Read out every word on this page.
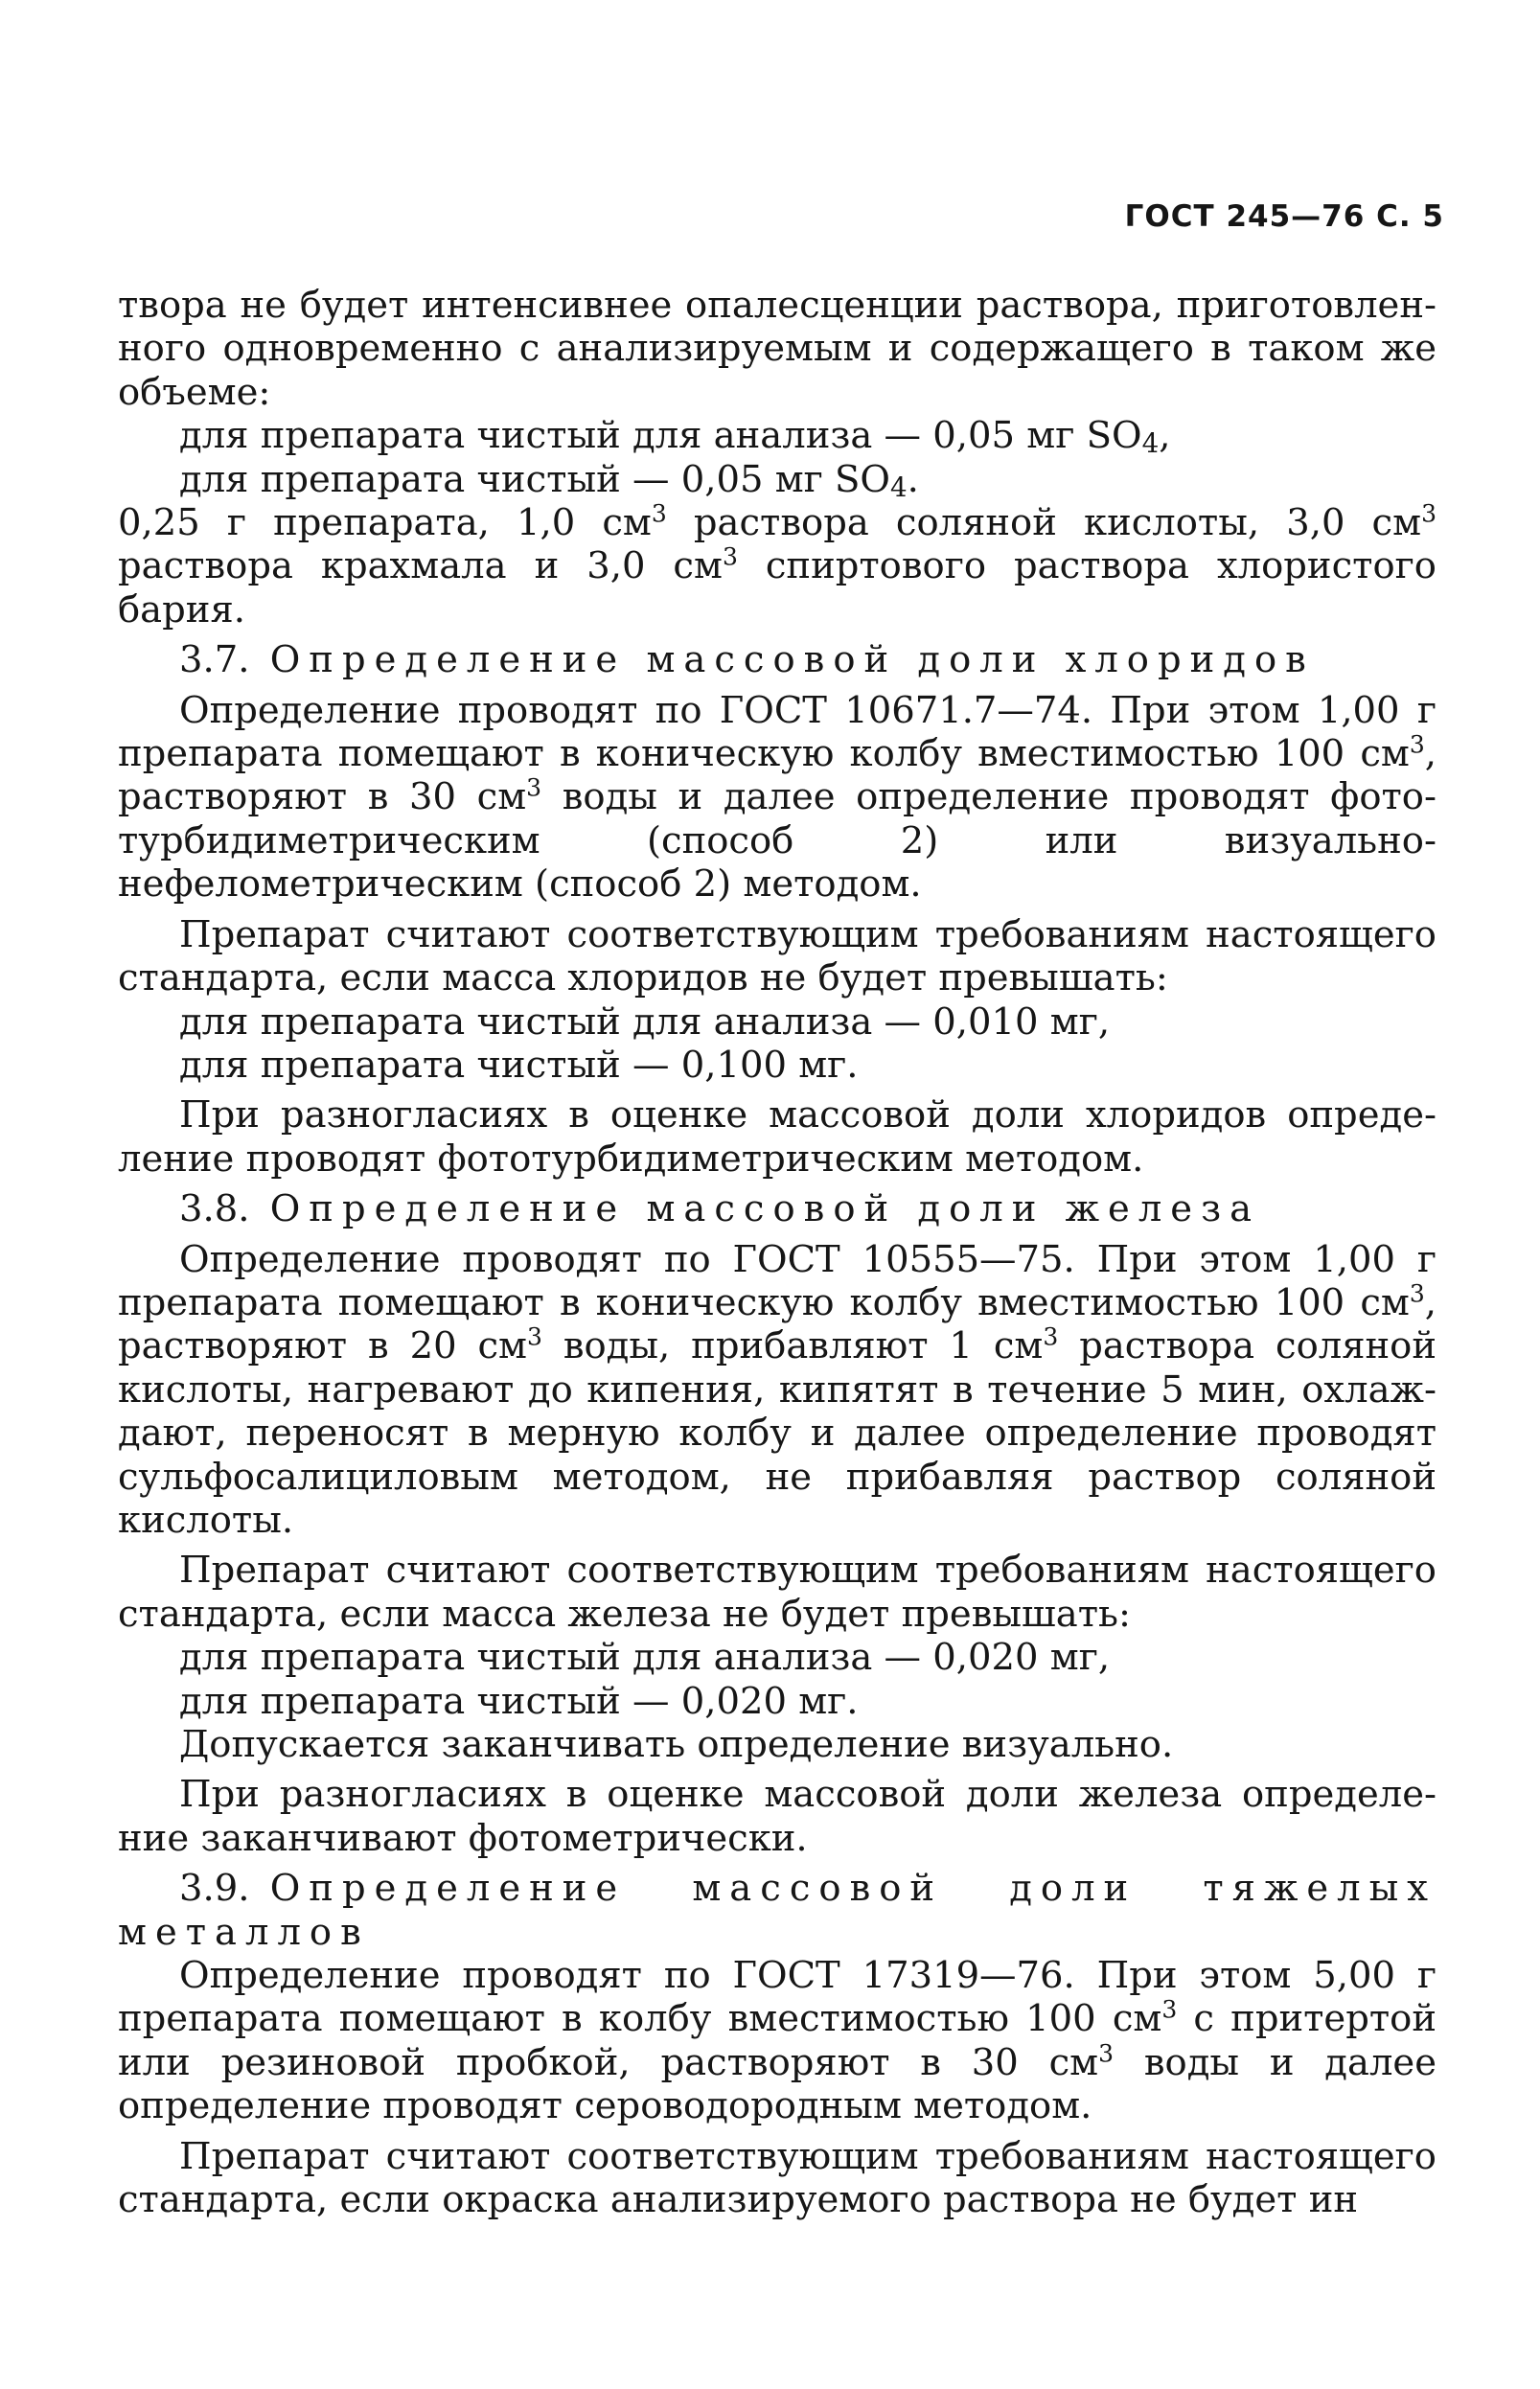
ГОСТ 245—76 С. 5

твора не будет интенсивнее опалесценции раствора, приготовленного одновременно с анализируемым и содержащего в таком же объеме:

для препарата чистый для анализа — 0,05 мг $SO_4$,
для препарата чистый — 0,05 мг $SO_4$.

0,25 г препарата, 1,0 $см^3$ раствора соляной кислоты, 3,0 $см^3$ раствора крахмала и 3,0 $см^3$ спиртового раствора хлористого бария.

3.7. Определение массовой доли хлоридов

Определение проводят по ГОСТ 10671.7—74. При этом 1,00 г препарата помещают в коническую колбу вместимостью 100 $см^3$, растворяют в 30 $см^3$ воды и далее определение проводят фототурбидиметрическим (способ 2) или визуально-нефелометрическим (способ 2) методом.

Препарат считают соответствующим требованиям настоящего стандарта, если масса хлоридов не будет превышать:

для препарата чистый для анализа — 0,010 мг,
для препарата чистый — 0,100 мг.

При разногласиях в оценке массовой доли хлоридов определение проводят фототурбидиметрическим методом.

3.8. Определение массовой доли железа

Определение проводят по ГОСТ 10555—75. При этом 1,00 г препарата помещают в коническую колбу вместимостью 100 $см^3$, растворяют в 20 $см^3$ воды, прибавляют 1 $см^3$ раствора соляной кислоты, нагревают до кипения, кипятят в течение 5 мин, охлаждают, переносят в мерную колбу и далее определение проводят сульфосалициловым методом, не прибавляя раствор соляной кислоты.

Препарат считают соответствующим требованиям настоящего стандарта, если масса железа не будет превышать:

для препарата чистый для анализа — 0,020 мг,
для препарата чистый — 0,020 мг.

Допускается заканчивать определение визуально.

При разногласиях в оценке массовой доли железа определение заканчивают фотометрически.

3.9. Определение массовой доли тяжелых

металлов

Определение проводят по ГОСТ 17319—76. При этом 5,00 г препарата помещают в колбу вместимостью 100 $см^3$ с притертой или резиновой пробкой, растворяют в 30 $см^3$ воды и далее определение проводят сероводородным методом.

Препарат считают соответствующим требованиям настоящего стандарта, если окраска анализируемого раствора не будет ин
